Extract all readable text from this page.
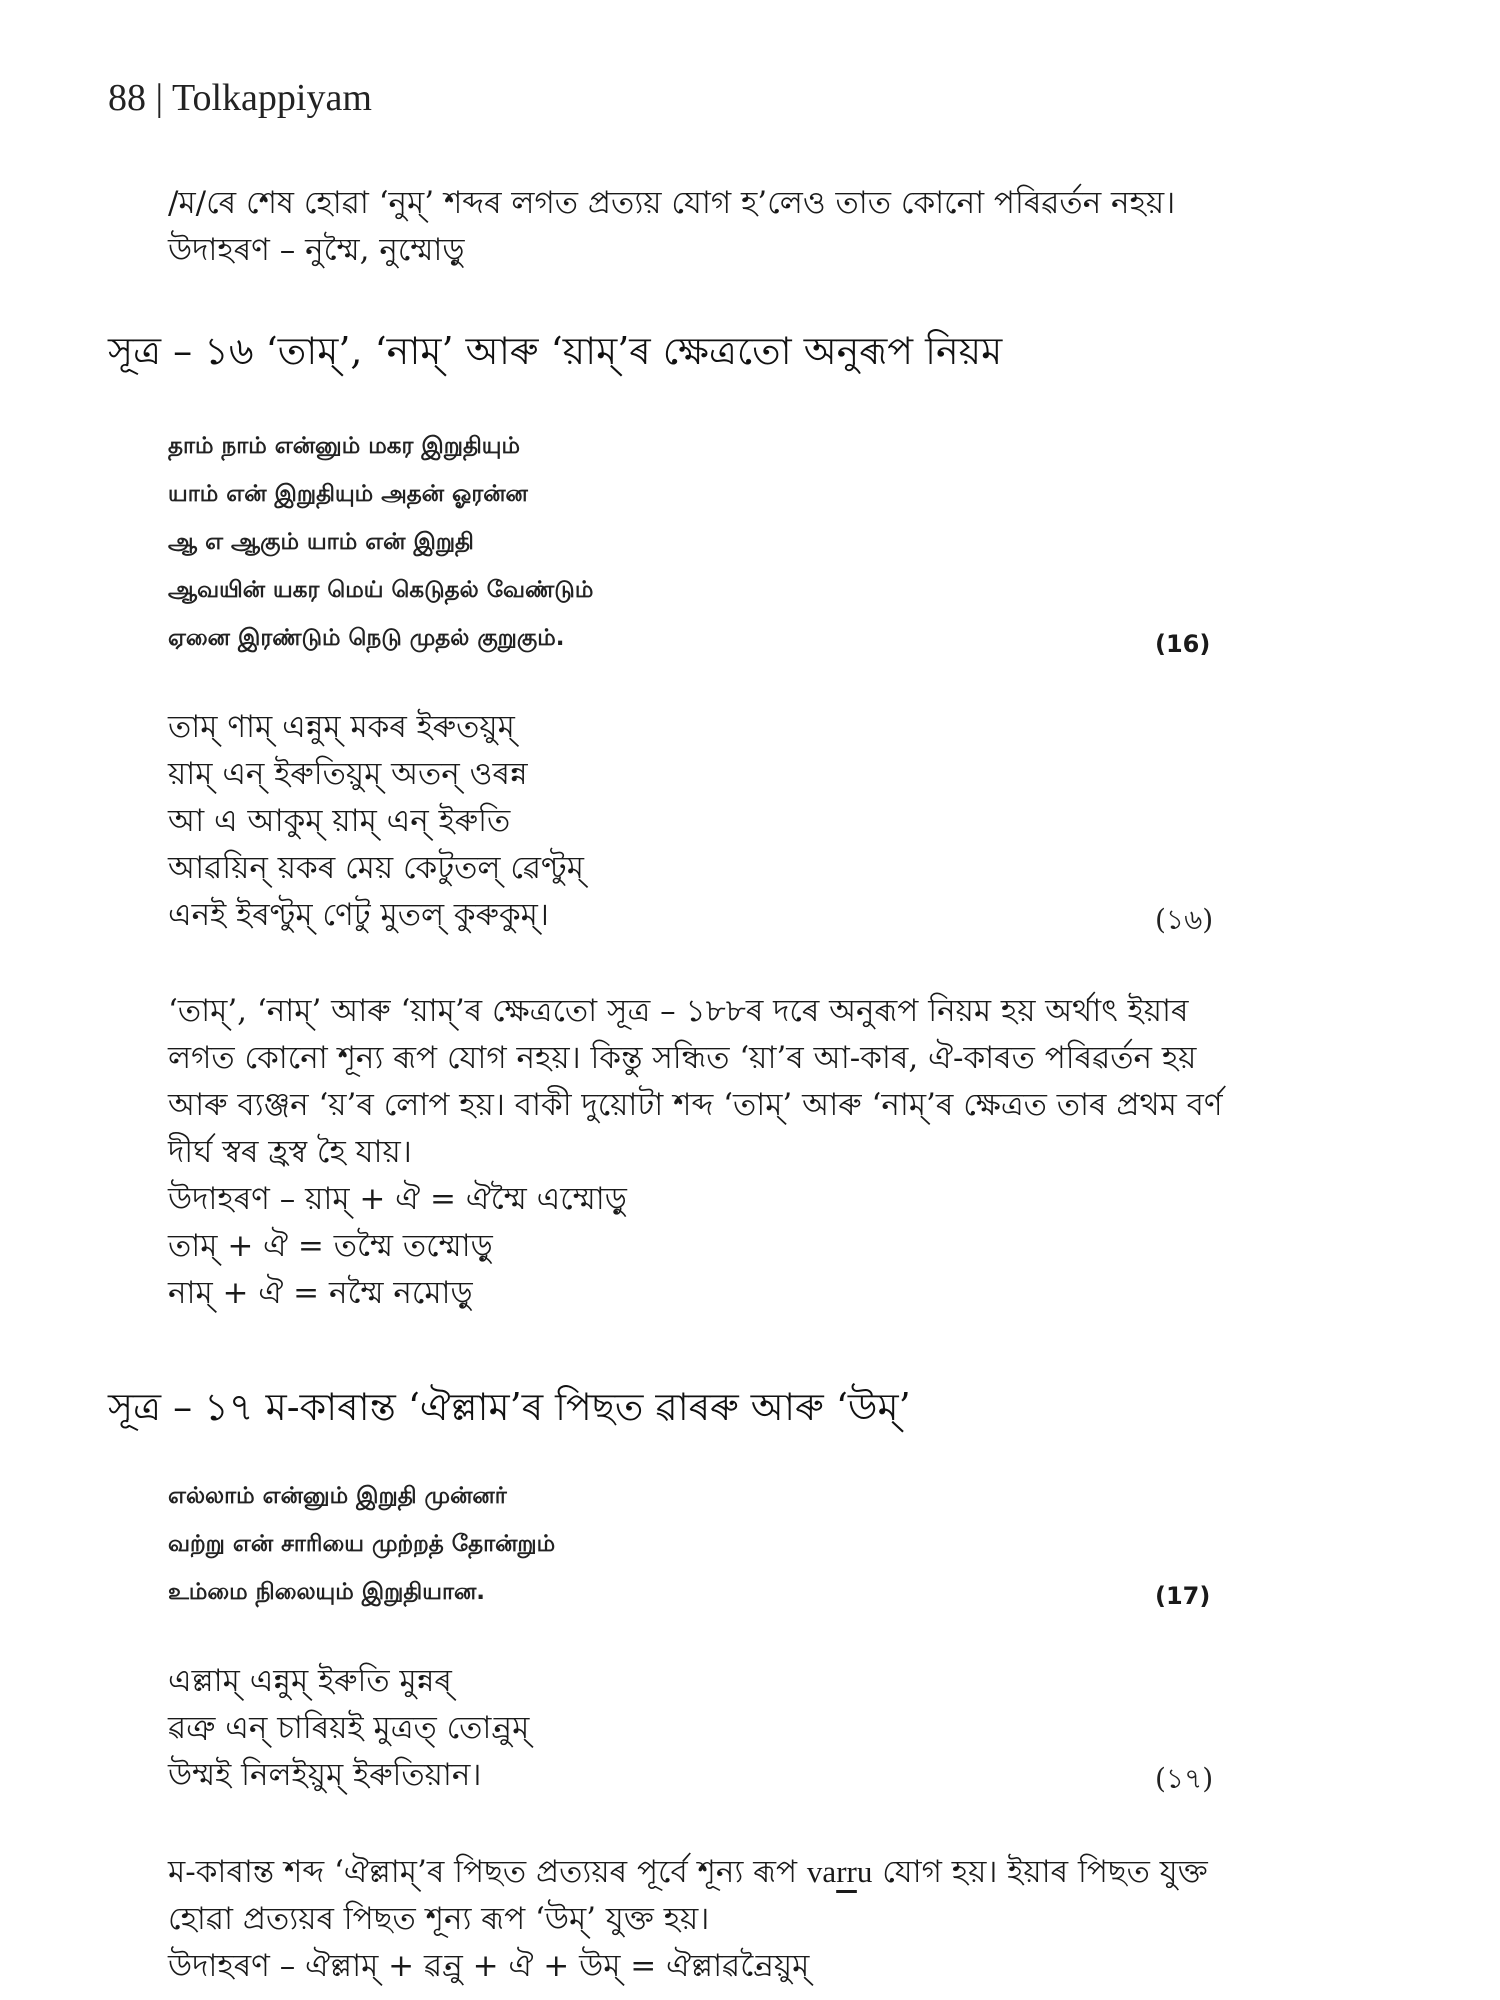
88 | Tolkappiyam
/ম/ৰে শেষ হোৱা ‘নুম্’ শব্দৰ লগত প্ৰত্যয় যোগ হ’লেও তাত কোনো পৰিৱৰ্তন নহয়।
উদাহৰণ – নুম্মৈ, নুম্মোড়ু
সূত্ৰ – ১৬ ‘তাম্’, ‘নাম্’ আৰু ‘য়াম্’ৰ ক্ষেত্ৰতো অনুৰূপ নিয়ম
தாம் நாம் என்னும் மகர இறுதியும்
யாம் என் இறுதியும் அதன் ஓரன்ன
ஆ எ ஆகும் யாம் என் இறுதி
ஆவயின் யகர மெய் கெடுதல் வேண்டும்
ஏனை இரண்டும் நெடு முதல் குறுகும்.	(16)
তাম্ ণাম্ এন্নুম্ মকৰ ইৰুতয়ুম্
য়াম্ এন্ ইৰুতিয়ুম্ অতন্ ওৰন্ন
আ এ আকুম্ য়াম্ এন্ ইৰুতি
আৱয়িন্ য়কৰ মেয় কেটুতল্ ৱেণ্টুম্
এনই ইৰণ্টুম্ ণেটু মুতল্ কুৰুকুম্।	(১৬)
‘তাম্’, ‘নাম্’ আৰু ‘য়াম্’ৰ ক্ষেত্ৰতো সূত্ৰ – ১৮৮ৰ দৰে অনুৰূপ নিয়ম হয় অৰ্থাৎ ইয়াৰ
লগত কোনো শূন্য ৰূপ যোগ নহয়। কিন্তু সন্ধিত ‘য়া’ৰ আ-কাৰ, ঐ-কাৰত পৰিৱৰ্তন হয়
আৰু ব্যঞ্জন ‘য়’ৰ লোপ হয়। বাকী দুয়োটা শব্দ ‘তাম্’ আৰু ‘নাম্’ৰ ক্ষেত্ৰত তাৰ প্ৰথম বৰ্ণ
দীৰ্ঘ স্বৰ হ্ৰস্ব হৈ যায়।
উদাহৰণ – য়াম্ + ঐ = ঐম্মৈ এম্মোড়ু
তাম্ + ঐ = তম্মৈ তম্মোড়ু
নাম্ + ঐ = নম্মৈ নমোড়ু
সূত্ৰ – ১৭ ম-কাৰান্ত ‘ঐল্লাম’ৰ পিছত ৱাৰৰু আৰু ‘উম্’
எல்லாம் என்னும் இறுதி முன்னர்
வற்று என் சாரியை முற்றத் தோன்றும்
உம்மை நிலையும் இறுதியான.	(17)
এল্লাম্ এন্নুম্ ইৰুতি মুন্নৰ্
ৱত্ৰু এন্ চাৰিয়ই মুত্ৰত্ তোন্ৰুম্
উম্মই নিলইয়ুম্ ইৰুতিয়ান।	(১৭)
ম-কাৰান্ত শব্দ ‘ঐল্লাম্’ৰ পিছত প্ৰত্যয়ৰ পূৰ্বে শূন্য ৰূপ varru যোগ হয়। ইয়াৰ পিছত যুক্ত
হোৱা প্ৰত্যয়ৰ পিছত শূন্য ৰূপ ‘উম্’ যুক্ত হয়।
উদাহৰণ – ঐল্লাম্ + ৱন্ৰু + ঐ + উম্ = ঐল্লাৱন্ৰৈয়ুম্
